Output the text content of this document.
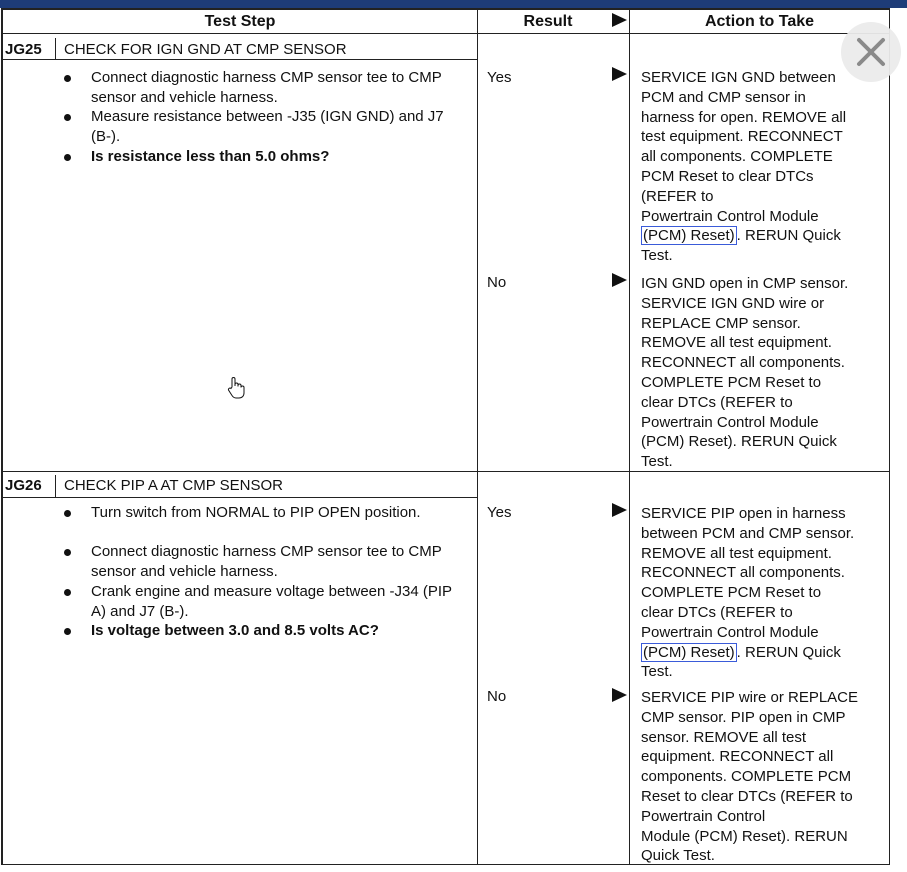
Test Step	Result	Action to Take
JG25 CHECK FOR IGN GND AT CMP SENSOR
Connect diagnostic harness CMP sensor tee to CMP sensor and vehicle harness.
Measure resistance between -J35 (IGN GND) and J7 (B-).
Is resistance less than 5.0 ohms?
Yes	SERVICE IGN GND between
PCM and CMP sensor in
harness for open. REMOVE all
test equipment. RECONNECT
all components. COMPLETE
PCM Reset to clear DTCs
(REFER to
Powertrain Control Module
(PCM) Reset) . RERUN Quick
Test.
No	IGN GND open in CMP sensor.
SERVICE IGN GND wire or
REPLACE CMP sensor.
REMOVE all test equipment.
RECONNECT all components.
COMPLETE PCM Reset to
clear DTCs (REFER to
Powertrain Control Module
(PCM) Reset). RERUN Quick
Test.
JG26 CHECK PIP A AT CMP SENSOR
Turn switch from NORMAL to PIP OPEN position.
Connect diagnostic harness CMP sensor tee to CMP sensor and vehicle harness.
Crank engine and measure voltage between -J34 (PIP A) and J7 (B-).
Is voltage between 3.0 and 8.5 volts AC?
Yes	SERVICE PIP open in harness
between PCM and CMP sensor.
REMOVE all test equipment.
RECONNECT all components.
COMPLETE PCM Reset to
clear DTCs (REFER to
Powertrain Control Module
(PCM) Reset) . RERUN Quick
Test.
No	SERVICE PIP wire or REPLACE
CMP sensor. PIP open in CMP
sensor. REMOVE all test
equipment. RECONNECT all
components. COMPLETE PCM
Reset to clear DTCs (REFER to
Powertrain Control
Module (PCM) Reset). RERUN
Quick Test.
